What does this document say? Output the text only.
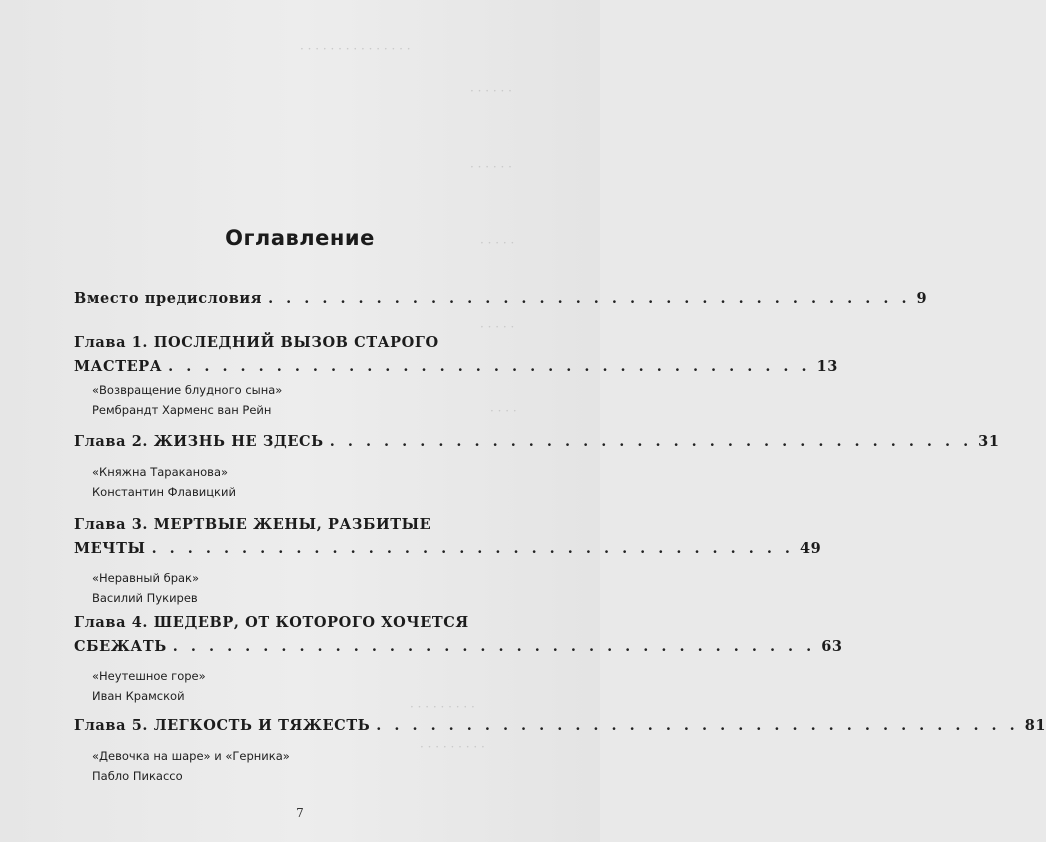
· · · · · · · · · · · · · · ·
· · · · · ·
· · · · · ·
· · · · ·
· · · · ·
· · · ·
· · · · · · · · ·
· · · · · · · · ·
Оглавление
Вместо предисловия . . . . . . . . . . . . . . . . . . . . . . . . . . . . . . . . . . . . 9
Глава 1. ПОСЛЕДНИЙ ВЫЗОВ СТАРОГО
МАСТЕРА . . . . . . . . . . . . . . . . . . . . . . . . . . . . . . . . . . . . 13
«Возвращение блудного сына»
Рембрандт Харменс ван Рейн
Глава 2. ЖИЗНЬ НЕ ЗДЕСЬ . . . . . . . . . . . . . . . . . . . . . . . . . . . . . . . . . . . . 31
«Княжна Тараканова»
Константин Флавицкий
Глава 3. МЕРТВЫЕ ЖЕНЫ, РАЗБИТЫЕ
МЕЧТЫ . . . . . . . . . . . . . . . . . . . . . . . . . . . . . . . . . . . . 49
«Неравный брак»
Василий Пукирев
Глава 4. ШЕДЕВР, ОТ КОТОРОГО ХОЧЕТСЯ
СБЕЖАТЬ . . . . . . . . . . . . . . . . . . . . . . . . . . . . . . . . . . . . 63
«Неутешное горе»
Иван Крамской
Глава 5. ЛЕГКОСТЬ И ТЯЖЕСТЬ . . . . . . . . . . . . . . . . . . . . . . . . . . . . . . . . . . . . 81
«Девочка на шаре» и «Герника»
Пабло Пикассо
7
